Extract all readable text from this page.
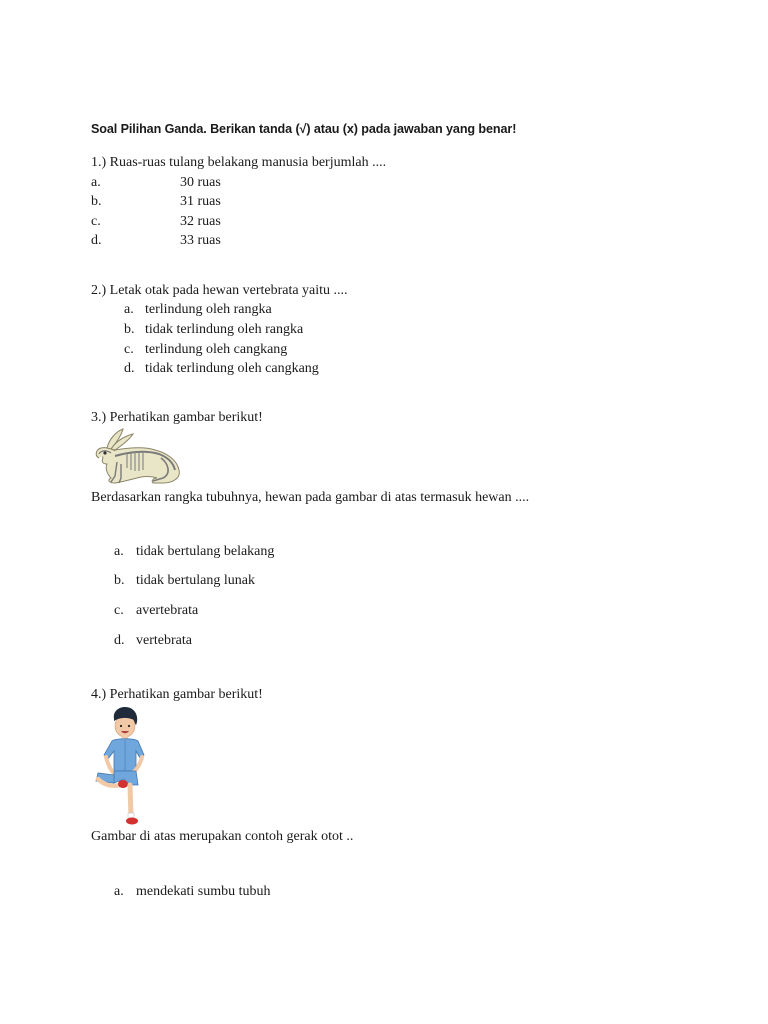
Soal Pilihan Ganda. Berikan tanda (√) atau (x) pada jawaban yang benar!
1.) Ruas-ruas tulang belakang manusia berjumlah ....
a.	30 ruas
b.	31 ruas
c.	32 ruas
d.	33 ruas
2.) Letak otak pada hewan vertebrata yaitu ....
a. terlindung oleh rangka
b. tidak terlindung oleh rangka
c. terlindung oleh cangkang
d. tidak terlindung oleh cangkang
3.) Perhatikan gambar berikut!
Berdasarkan rangka tubuhnya, hewan pada gambar di atas termasuk hewan ....
a. tidak bertulang belakang
b. tidak bertulang lunak
c. avertebrata
d. vertebrata
4.) Perhatikan gambar berikut!
Gambar di atas merupakan contoh gerak otot ..
a. mendekati sumbu tubuh
